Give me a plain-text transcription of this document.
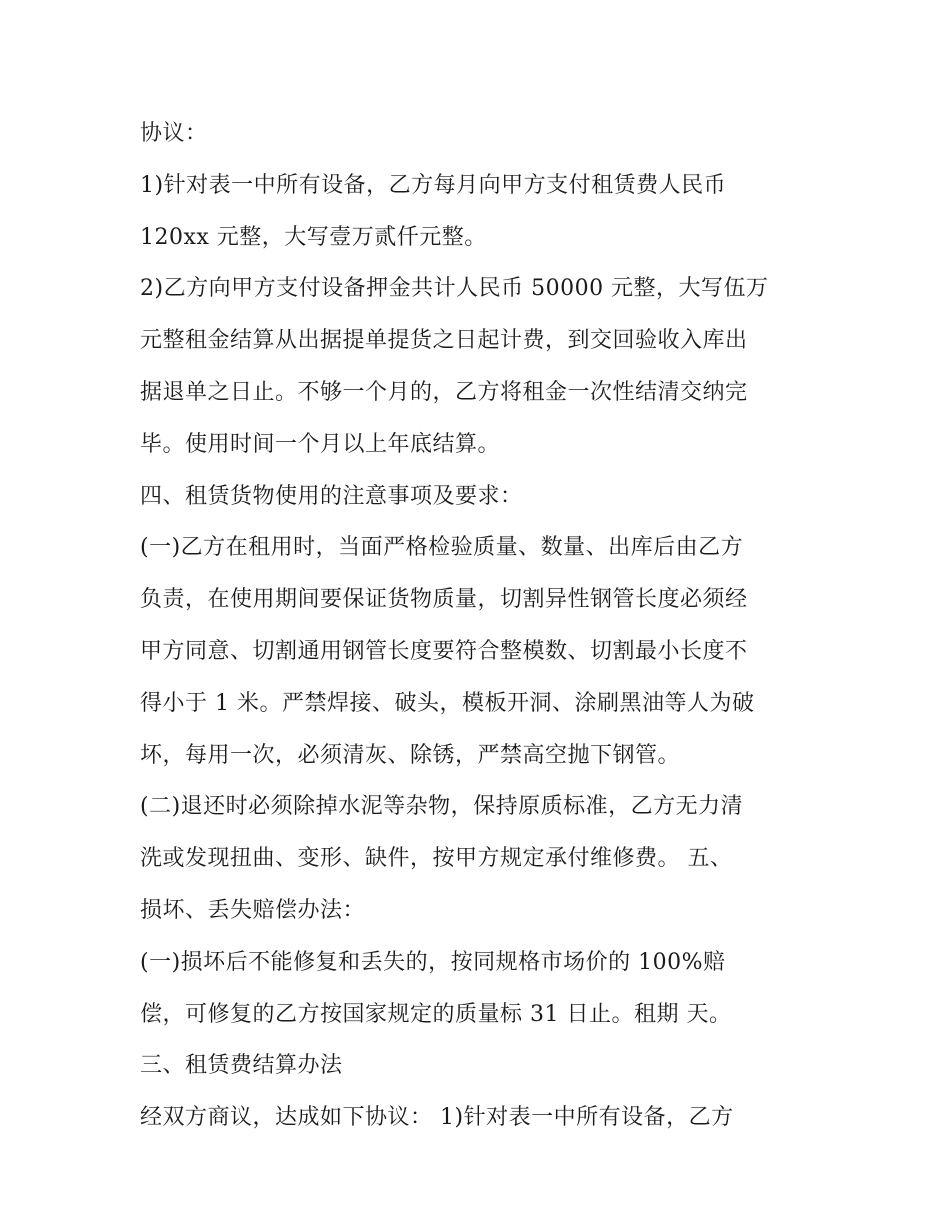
协议：
1)针对表一中所有设备，乙方每月向甲方支付租赁费人民币
120xx 元整，大写壹万贰仟元整。
2)乙方向甲方支付设备押金共计人民币 50000 元整，大写伍万
元整租金结算从出据提单提货之日起计费，到交回验收入库出
据退单之日止。不够一个月的，乙方将租金一次性结清交纳完
毕。使用时间一个月以上年底结算。
四、租赁货物使用的注意事项及要求：
(一)乙方在租用时，当面严格检验质量、数量、出库后由乙方
负责，在使用期间要保证货物质量，切割异性钢管长度必须经
甲方同意、切割通用钢管长度要符合整模数、切割最小长度不
得小于 1 米。严禁焊接、破头，模板开洞、涂刷黑油等人为破
坏，每用一次，必须清灰、除锈，严禁高空抛下钢管。
(二)退还时必须除掉水泥等杂物，保持原质标准，乙方无力清
洗或发现扭曲、变形、缺件，按甲方规定承付维修费。 五、
损坏、丢失赔偿办法：
(一)损坏后不能修复和丢失的，按同规格市场价的 100%赔
偿，可修复的乙方按国家规定的质量标 31 日止。租期 天。
三、租赁费结算办法
经双方商议，达成如下协议： 1)针对表一中所有设备，乙方
